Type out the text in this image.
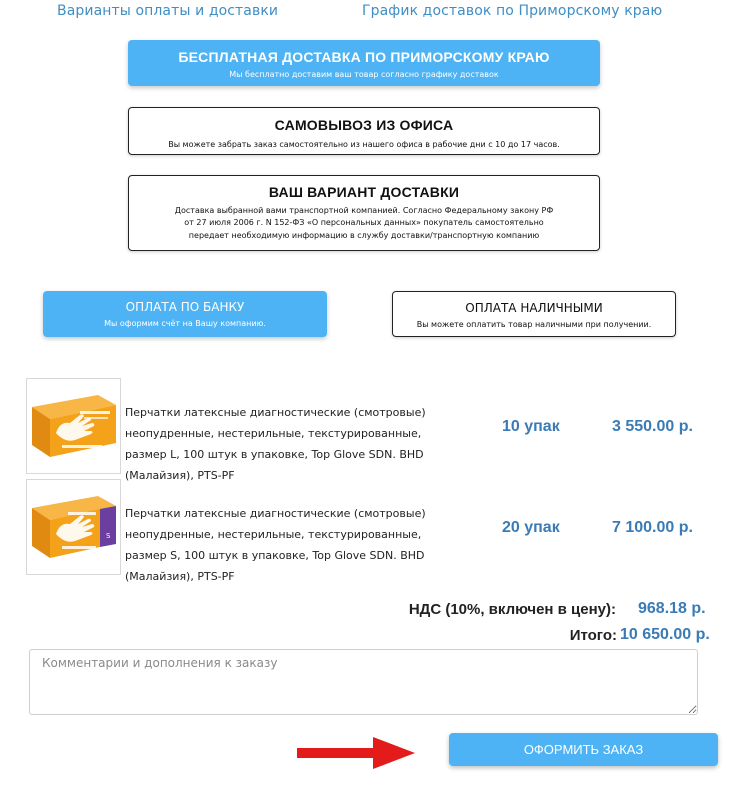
Варианты оплаты и доставки	График доставок по Приморскому краю
БЕСПЛАТНАЯ ДОСТАВКА ПО ПРИМОРСКОМУ КРАЮ
Мы бесплатно доставим ваш товар согласно графику доставок
САМОВЫВОЗ ИЗ ОФИСА
Вы можете забрать заказ самостоятельно из нашего офиса в рабочие дни с 10 до 17 часов.
ВАШ ВАРИАНТ ДОСТАВКИ
Доставка выбранной вами транспортной компанией. Согласно Федеральному закону РФ от 27 июля 2006 г. N 152-ФЗ «О персональных данных» покупатель самостоятельно передает необходимую информацию в службу доставки/транспортную компанию
ОПЛАТА ПО БАНКУ
Мы оформим счёт на Вашу компанию.
ОПЛАТА НАЛИЧНЫМИ
Вы можете оплатить товар наличными при получении.
L
Перчатки латексные диагностические (смотровые) неопудренные, нестерильные, текстурированные, размер L, 100 штук в упаковке, Top Glove SDN. BHD (Малайзия), PTS-PF
10 упак	3 550.00 р.
S
Перчатки латексные диагностические (смотровые) неопудренные, нестерильные, текстурированные, размер S, 100 штук в упаковке, Top Glove SDN. BHD (Малайзия), PTS-PF
20 упак	7 100.00 р.
НДС (10%, включен в цену): 968.18 р.
Итого: 10 650.00 р.
Комментарии и дополнения к заказу
ОФОРМИТЬ ЗАКАЗ
